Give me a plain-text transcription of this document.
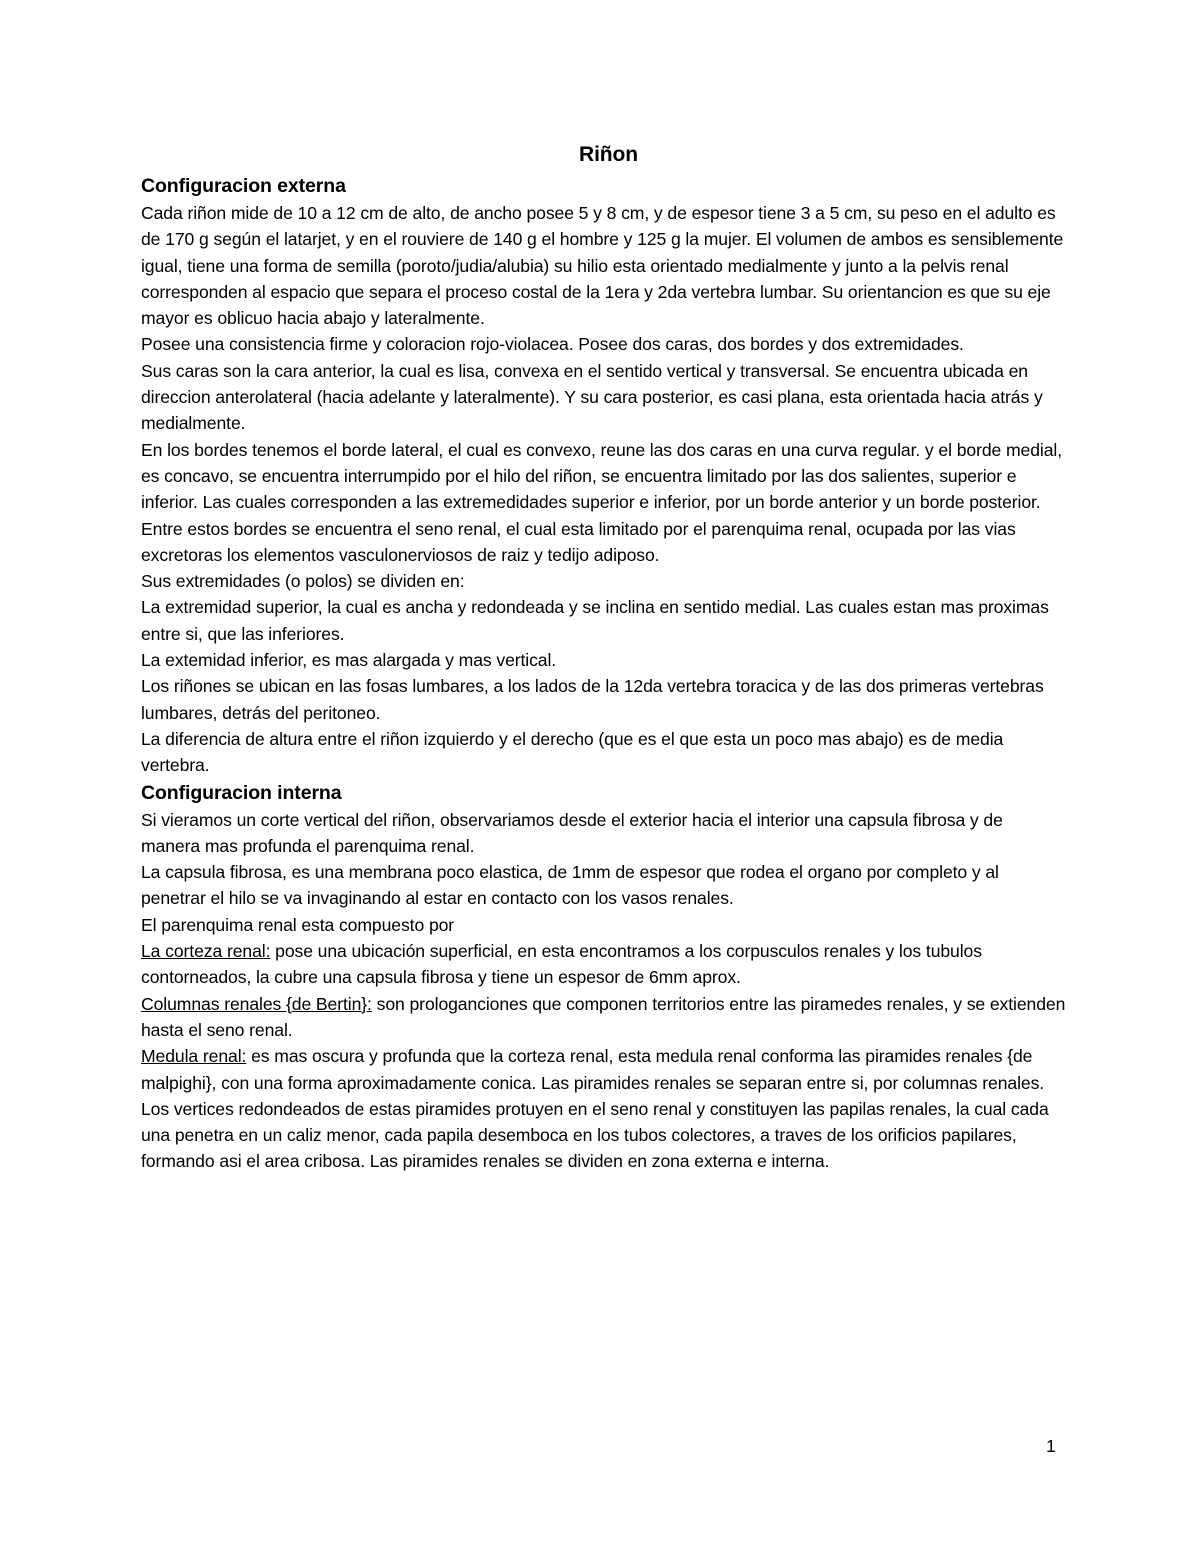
Riñon
Configuracion externa

Cada riñon mide de 10 a 12 cm de alto, de ancho posee 5 y 8 cm, y de espesor tiene 3 a 5 cm, su peso en el adulto es de 170 g según el latarjet, y en el rouviere de 140 g el hombre y 125 g la mujer. El volumen de ambos es sensiblemente igual, tiene una forma de semilla (poroto/judia/alubia) su hilio esta orientado medialmente y junto a la pelvis renal corresponden al espacio que separa el proceso costal de la 1era y 2da vertebra lumbar. Su orientancion es que su eje mayor es oblicuo hacia abajo y lateralmente.

Posee una consistencia firme y coloracion rojo-violacea. Posee dos caras, dos bordes y dos extremidades.

Sus caras son la cara anterior, la cual es lisa, convexa en el sentido vertical y transversal. Se encuentra ubicada en direccion anterolateral (hacia adelante y lateralmente). Y su cara posterior, es casi plana, esta orientada hacia atrás y medialmente.

En los bordes tenemos el borde lateral, el cual es convexo, reune las dos caras en una curva regular. y el borde medial, es concavo, se encuentra interrumpido por el hilo del riñon, se encuentra limitado por las dos salientes, superior e inferior. Las cuales corresponden a las extremedidades superior e inferior, por un borde anterior y un borde posterior. Entre estos bordes se encuentra el seno renal, el cual esta limitado por el parenquima renal, ocupada por las vias excretoras los elementos vasculonerviosos de raiz y tedijo adiposo.

Sus extremidades (o polos) se dividen en:

La extremidad superior, la cual es ancha y redondeada y se inclina en sentido medial. Las cuales estan mas proximas entre si, que las inferiores.

La extemidad inferior, es mas alargada y mas vertical.

Los riñones se ubican en las fosas lumbares, a los lados de la 12da vertebra toracica y de las dos primeras vertebras lumbares, detrás del peritoneo.

La diferencia de altura entre el riñon izquierdo y el derecho (que es el que esta un poco mas abajo) es de media vertebra.

Configuracion interna

Si vieramos un corte vertical del riñon, observariamos desde el exterior hacia el interior una capsula fibrosa y de manera mas profunda el parenquima renal.

La capsula fibrosa, es una membrana poco elastica, de 1mm de espesor que rodea el organo por completo y al penetrar el hilo se va invaginando al estar en contacto con los vasos renales.

El parenquima renal esta compuesto por

La corteza renal: pose una ubicación superficial, en esta encontramos a los corpusculos renales y los tubulos contorneados, la cubre una capsula fibrosa y tiene un espesor de 6mm aprox.

Columnas renales {de Bertin}: son prologanciones que componen territorios entre las piramedes renales, y se extienden hasta el seno renal.

Medula renal: es mas oscura y profunda que la corteza renal, esta medula renal conforma las piramides renales {de malpighi}, con una forma aproximadamente conica. Las piramides renales se separan entre si, por columnas renales. Los vertices redondeados de estas piramides protuyen en el seno renal y constituyen las papilas renales, la cual cada una penetra en un caliz menor, cada papila desemboca en los tubos colectores, a traves de los orificios papilares, formando asi el area cribosa. Las piramides renales se dividen en zona externa e interna.

1
